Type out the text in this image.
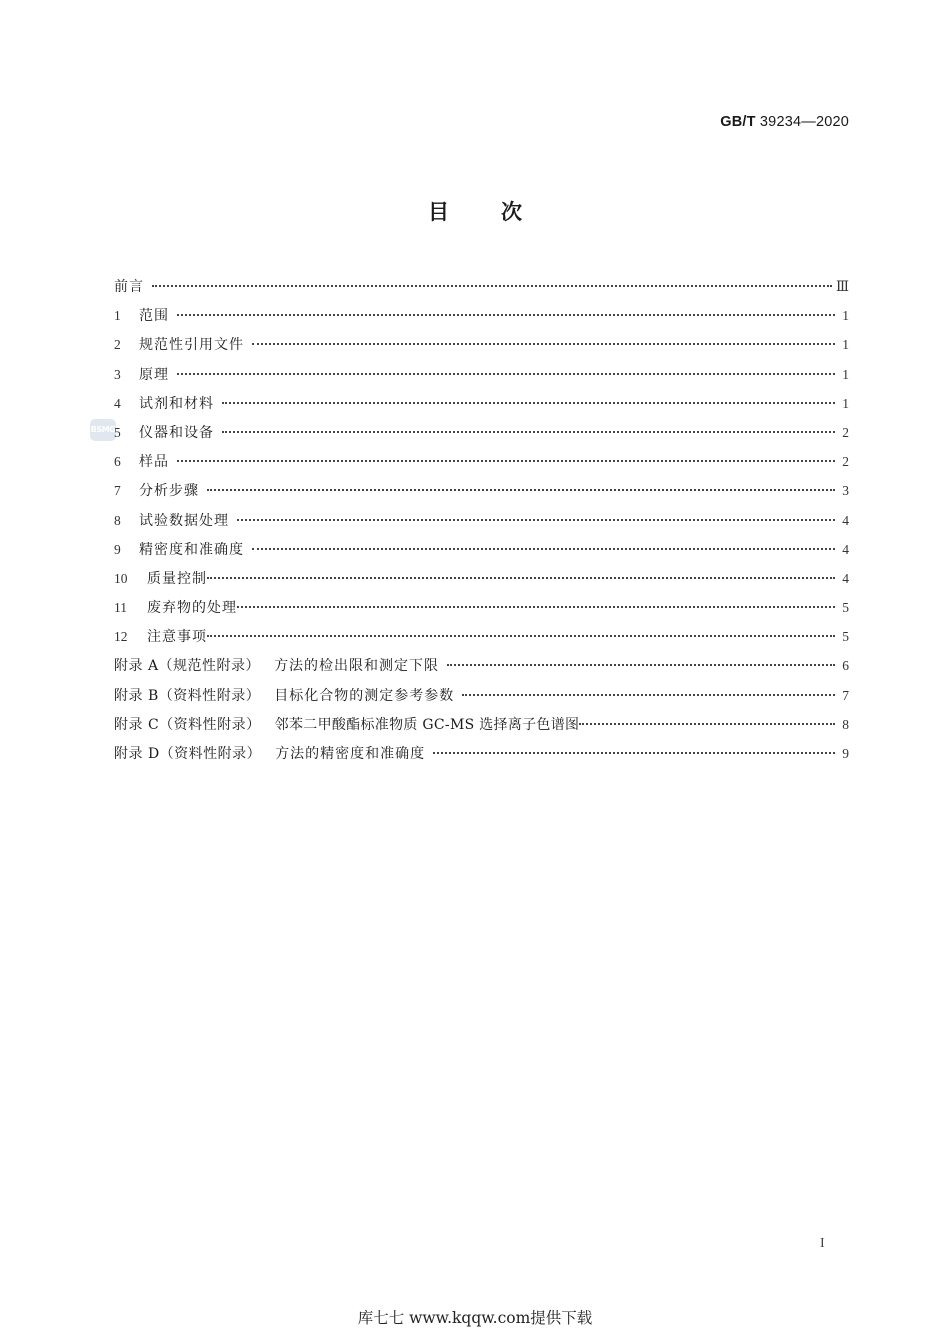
GB/T 39234—2020
目 次
BSMG
前言	Ⅲ
1	范围	1
2	规范性引用文件	1
3	原理	1
4	试剂和材料	1
5	仪器和设备	2
6	样品	2
7	分析步骤	3
8	试验数据处理	4
9	精密度和准确度	4
10	质量控制	4
11	废弃物的处理	5
12	注意事项	5
附录 A（规范性附录） 方法的检出限和测定下限	6
附录 B（资料性附录） 目标化合物的测定参考参数	7
附录 C（资料性附录） 邻苯二甲酸酯标准物质 GC-MS 选择离子色谱图	8
附录 D（资料性附录） 方法的精密度和准确度	9
I
库七七 www.kqqw.com提供下载
